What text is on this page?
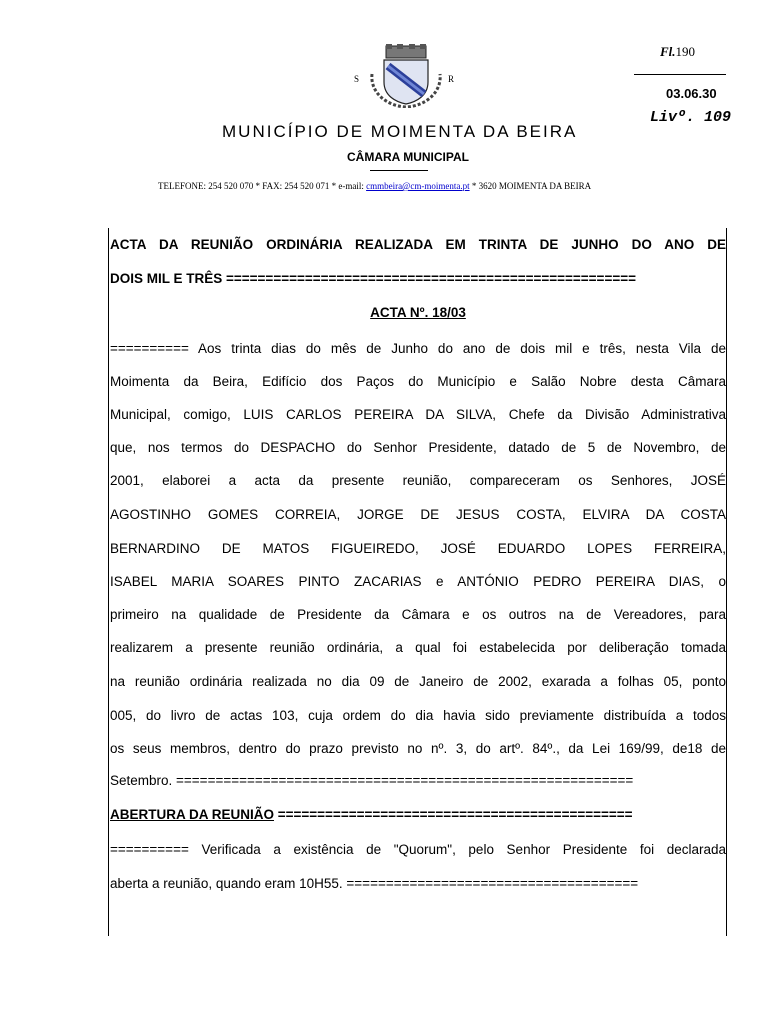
S	R
Fl.190
03.06.30
Livº. 109
MUNICÍPIO DE MOIMENTA DA BEIRA
CÂMARA MUNICIPAL
TELEFONE: 254 520 070 * FAX: 254 520 071 * e-mail: cmmbeira@cm-moimenta.pt * 3620 MOIMENTA DA BEIRA
ACTA DA REUNIÃO ORDINÁRIA REALIZADA EM TRINTA DE JUNHO DO ANO DE
DOIS MIL E TRÊS ====================================================
ACTA Nº. 18/03
========== Aos trinta dias do mês de Junho do ano de dois mil e três, nesta Vila de
Moimenta da Beira, Edifício dos Paços do Município e Salão Nobre desta Câmara
Municipal, comigo, LUIS CARLOS PEREIRA DA SILVA, Chefe da Divisão Administrativa
que, nos termos do DESPACHO do Senhor Presidente, datado de 5 de Novembro, de
2001, elaborei a acta da presente reunião, compareceram os Senhores, JOSÉ
AGOSTINHO GOMES CORREIA, JORGE DE JESUS COSTA, ELVIRA DA COSTA
BERNARDINO DE MATOS FIGUEIREDO, JOSÉ EDUARDO LOPES FERREIRA,
ISABEL MARIA SOARES PINTO ZACARIAS e ANTÓNIO PEDRO PEREIRA DIAS, o
primeiro na qualidade de Presidente da Câmara e os outros na de Vereadores, para
realizarem a presente reunião ordinária, a qual foi estabelecida por deliberação tomada
na reunião ordinária realizada no dia 09 de Janeiro de 2002, exarada a folhas 05, ponto
005, do livro de actas 103, cuja ordem do dia havia sido previamente distribuída a todos
os seus membros, dentro do prazo previsto no nº. 3, do artº. 84º., da Lei 169/99, de18 de
Setembro. ==========================================================
ABERTURA DA REUNIÃO =============================================
========== Verificada a existência de "Quorum", pelo Senhor Presidente foi declarada
aberta a reunião, quando eram 10H55. =====================================
